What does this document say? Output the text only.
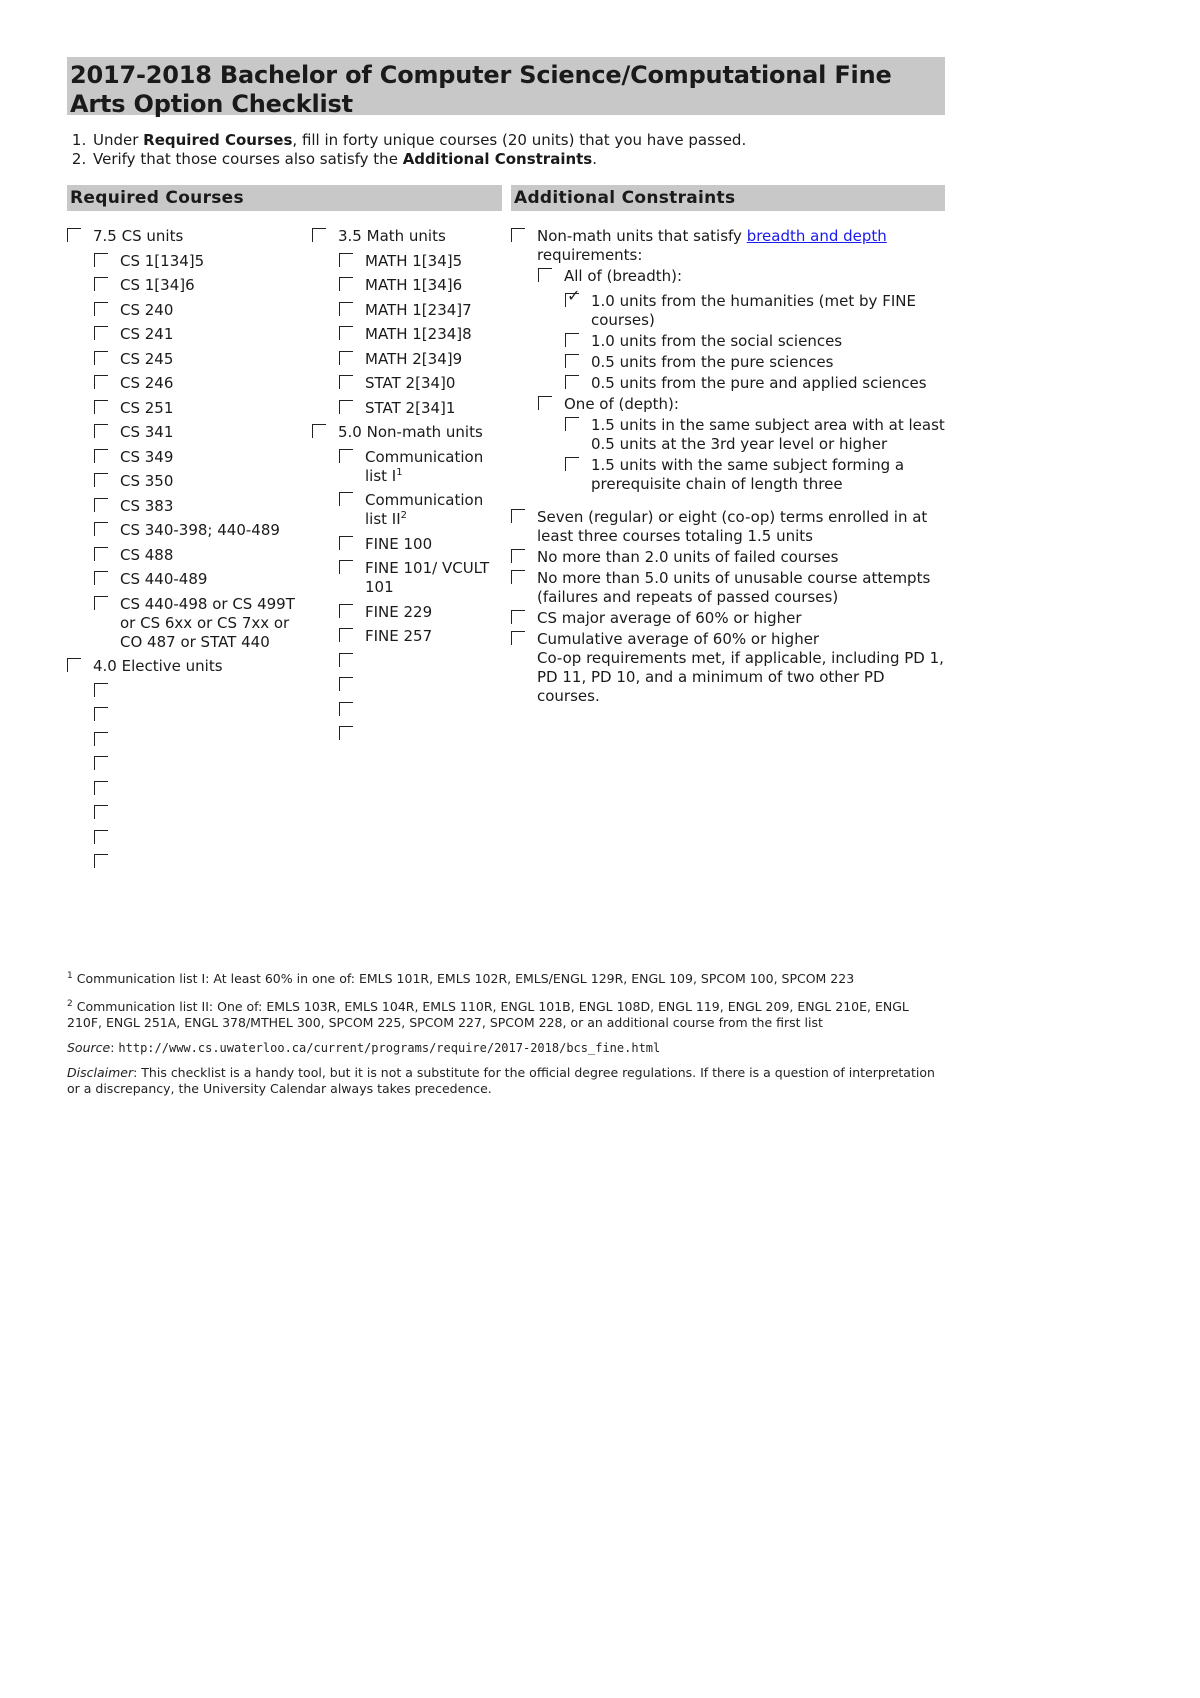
2017-2018 Bachelor of Computer Science/Computational Fine Arts Option Checklist
1. Under Required Courses, fill in forty unique courses (20 units) that you have passed.
2. Verify that those courses also satisfy the Additional Constraints.
Required Courses	Additional Constraints
7.5 CS units
CS 1[134]5
CS 1[34]6
CS 240
CS 241
CS 245
CS 246
CS 251
CS 341
CS 349
CS 350
CS 383
CS 340-398; 440-489
CS 488
CS 440-489
CS 440-498 or CS 499T or CS 6xx or CS 7xx or CO 487 or STAT 440
4.0 Elective units
3.5 Math units
MATH 1[34]5
MATH 1[34]6
MATH 1[234]7
MATH 1[234]8
MATH 2[34]9
STAT 2[34]0
STAT 2[34]1
5.0 Non-math units
Communication list $I^1$
Communication list $II^2$
FINE 100
FINE 101/ VCULT 101
FINE 229
FINE 257
Non-math units that satisfy breadth and depth requirements:
All of (breadth):
✓ 1.0 units from the humanities (met by FINE courses)
1.0 units from the social sciences
0.5 units from the pure sciences
0.5 units from the pure and applied sciences
One of (depth):
1.5 units in the same subject area with at least 0.5 units at the 3rd year level or higher
1.5 units with the same subject forming a prerequisite chain of length three
Seven (regular) or eight (co-op) terms enrolled in at least three courses totaling 1.5 units
No more than 2.0 units of failed courses
No more than 5.0 units of unusable course attempts (failures and repeats of passed courses)
CS major average of 60% or higher
Cumulative average of 60% or higher
Co-op requirements met, if applicable, including PD 1, PD 11, PD 10, and a minimum of two other PD courses.

$^1$ Communication list I: At least 60% in one of: EMLS 101R, EMLS 102R, EMLS/ENGL 129R, ENGL 109, SPCOM 100, SPCOM 223

$^2$ Communication list II: One of: EMLS 103R, EMLS 104R, EMLS 110R, ENGL 101B, ENGL 108D, ENGL 119, ENGL 209, ENGL 210E, ENGL 210F, ENGL 251A, ENGL 378/MTHEL 300, SPCOM 225, SPCOM 227, SPCOM 228, or an additional course from the first list

Source: http://www.cs.uwaterloo.ca/current/programs/require/2017-2018/bcs_fine.html

Disclaimer: This checklist is a handy tool, but it is not a substitute for the official degree regulations. If there is a question of interpretation or a discrepancy, the University Calendar always takes precedence.
